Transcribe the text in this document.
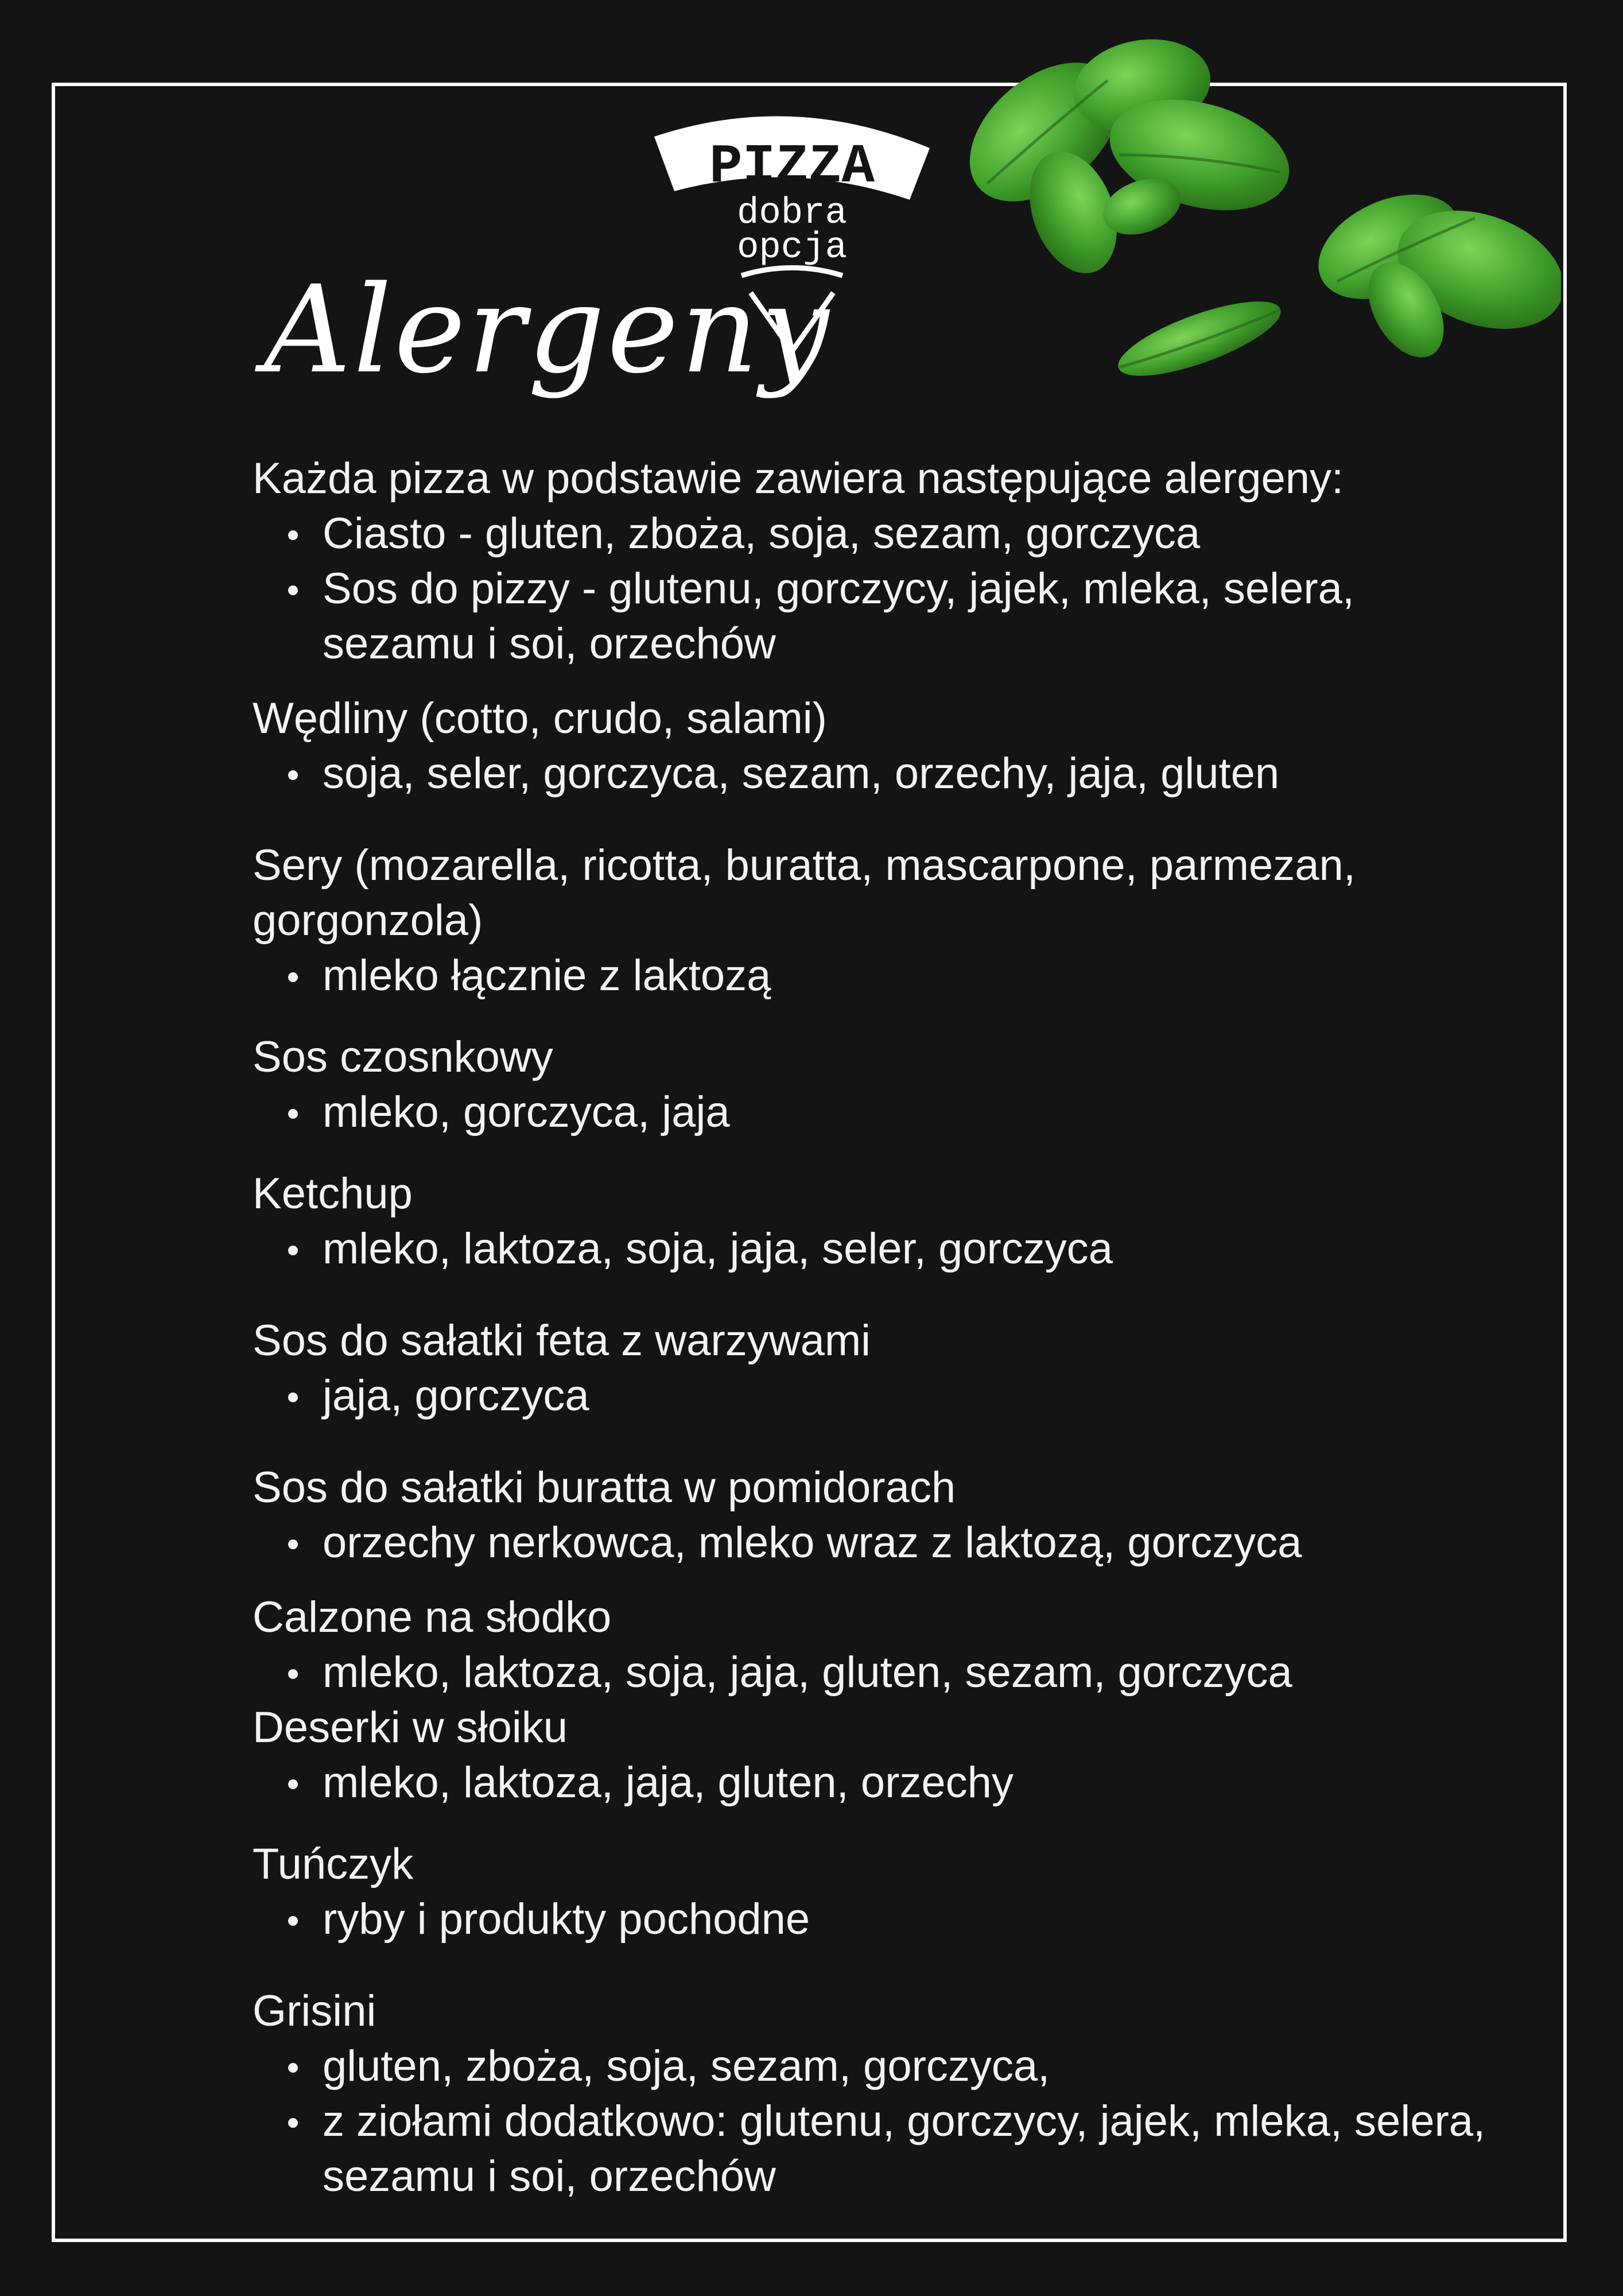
PIZZA
dobra
opcja
Alergeny
Każda pizza w podstawie zawiera następujące alergeny:
Ciasto - gluten, zboża, soja, sezam, gorczyca
Sos do pizzy - glutenu, gorczycy, jajek, mleka, selera, sezamu i soi, orzechów
Wędliny (cotto, crudo, salami)
soja, seler, gorczyca, sezam, orzechy, jaja, gluten
Sery (mozarella, ricotta, buratta, mascarpone, parmezan, gorgonzola)
mleko łącznie z laktozą
Sos czosnkowy
mleko, gorczyca, jaja
Ketchup
mleko, laktoza, soja, jaja, seler, gorczyca
Sos do sałatki feta z warzywami
jaja, gorczyca
Sos do sałatki buratta w pomidorach
orzechy nerkowca, mleko wraz z laktozą, gorczyca
Calzone na słodko
mleko, laktoza, soja, jaja, gluten, sezam, gorczyca
Deserki w słoiku
mleko, laktoza, jaja, gluten, orzechy
Tuńczyk
ryby i produkty pochodne
Grisini
gluten, zboża, soja, sezam, gorczyca,
z ziołami dodatkowo: glutenu, gorczycy, jajek, mleka, selera, sezamu i soi, orzechów
